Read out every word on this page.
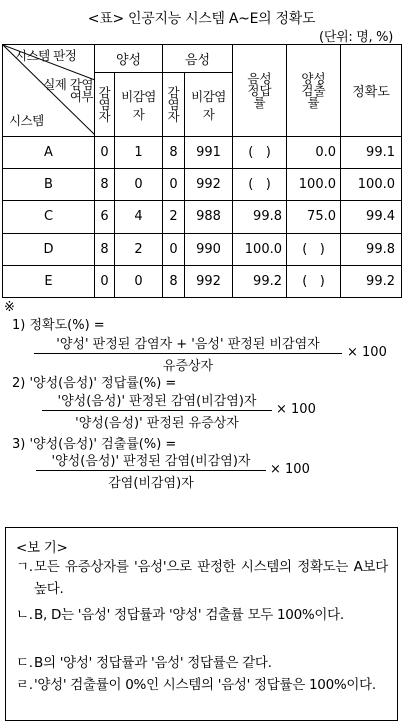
<표> 인공지능 시스템 A~E의 정확도
(단위: 명, %)
시스템 판정
실제 감염 여부
시스템	양성		음성		음성정답률	양성검출률	정확도
	감염자	비감염자	감염자	비감염자			
A	0	1	8	991	(   )	0.0	99.1
B	8	0	0	992	(   )	100.0	100.0
C	6	4	2	988	99.8	75.0	99.4
D	8	2	0	990	100.0	(   )	99.8
E	0	0	8	992	99.2	(   )	99.2
※
1) 정확도(%) =
'양성' 판정된 감염자 + '음성' 판정된 비감염자
유증상자
× 100
2) '양성(음성)' 정답률(%) =
'양성(음성)' 판정된 감염(비감염)자
'양성(음성)' 판정된 유증상자
× 100
3) '양성(음성)' 검출률(%) =
'양성(음성)' 판정된 감염(비감염)자
감염(비감염)자
× 100
<보 기>
ㄱ. 모든 유증상자를 '음성'으로 판정한 시스템의 정확도는 A보다 높다.
ㄴ. B, D는 '음성' 정답률과 '양성' 검출률 모두 100%이다.
ㄷ. B의 '양성' 정답률과 '음성' 정답률은 같다.
ㄹ. '양성' 검출률이 0%인 시스템의 '음성' 정답률은 100%이다.
